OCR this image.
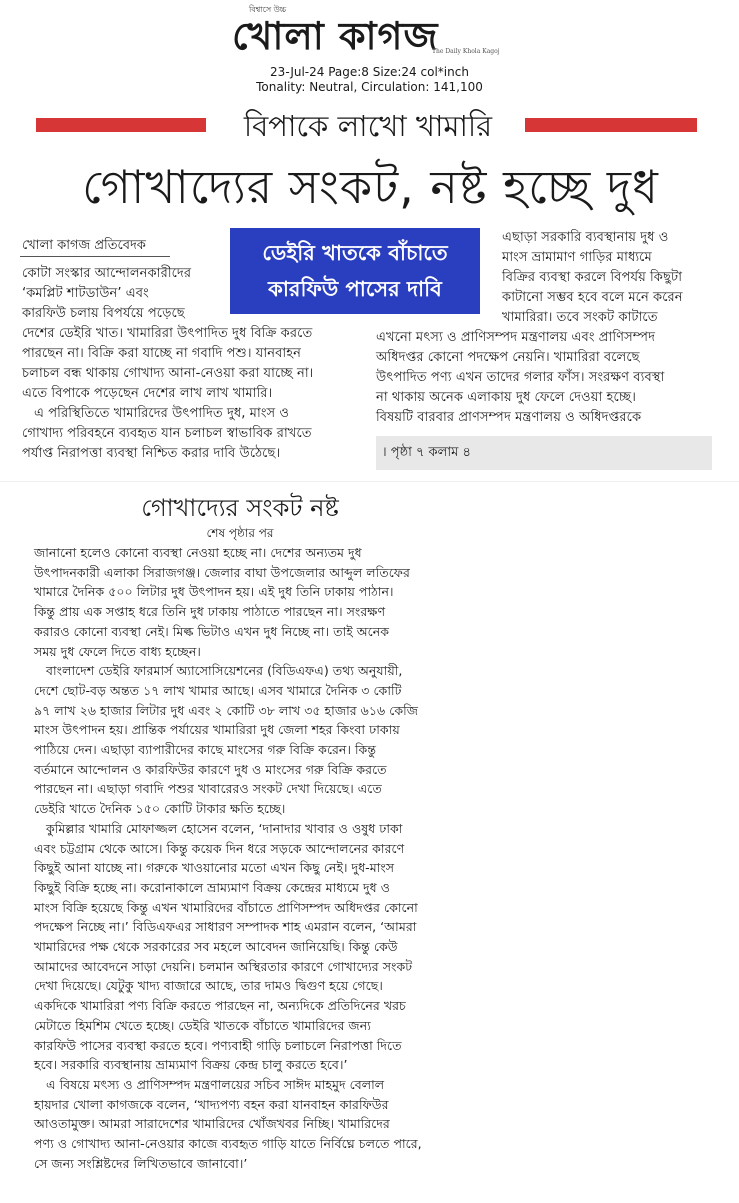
বিশ্বাসে উচ্চ
খোলা কাগজ
The Daily Khola Kagoj
23-Jul-24 Page:8 Size:24 col*inch
Tonality: Neutral, Circulation: 141,100
বিপাকে লাখো খামারি
গোখাদ্যের সংকট, নষ্ট হচ্ছে দুধ
খোলা কাগজ প্রতিবেদক	ডেইরি খাতকে বাঁচাতে
কারফিউ পাসের দাবি
কোটা সংস্কার আন্দোলনকারীদের
‘কমপ্লিট শাটডাউন’ এবং
কারফিউ চলায় বিপর্যয়ে পড়েছে
দেশের ডেইরি খাত। খামারিরা উৎপাদিত দুধ বিক্রি করতে
পারছেন না। বিক্রি করা যাচ্ছে না গবাদি পশু। যানবাহন
চলাচল বন্ধ থাকায় গোখাদ্য আনা-নেওয়া করা যাচ্ছে না।
এতে বিপাকে পড়েছেন দেশের লাখ লাখ খামারি।
এ পরিস্থিতিতে খামারিদের উৎপাদিত দুধ, মাংস ও
গোখাদ্য পরিবহনে ব্যবহৃত যান চলাচল স্বাভাবিক রাখতে
পর্যাপ্ত নিরাপত্তা ব্যবস্থা নিশ্চিত করার দাবি উঠেছে।
এছাড়া সরকারি ব্যবস্থানায় দুধ ও
মাংস ভ্রামামাণ গাড়ির মাধ্যমে
বিক্রির ব্যবস্থা করলে বিপর্যয় কিছুটা
কাটানো সম্ভব হবে বলে মনে করেন
খামারিরা। তবে সংকট কাটাতে
এখনো মৎস্য ও প্রাণিসম্পদ মন্ত্রণালয় এবং প্রাণিসম্পদ
অধিদপ্তর কোনো পদক্ষেপ নেয়নি। খামারিরা বলেছে
উৎপাদিত পণ্য এখন তাদের গলার ফাঁস। সংরক্ষণ ব্যবস্থা
না থাকায় অনেক এলাকায় দুধ ফেলে দেওয়া হচ্ছে।
বিষয়টি বারবার প্রাণসম্পদ মন্ত্রণালয় ও অধিদপ্তরকে
। পৃষ্ঠা ৭ কলাম ৪
গোখাদ্যের সংকট নষ্ট
শেষ পৃষ্ঠার পর
জানানো হলেও কোনো ব্যবস্থা নেওয়া হচ্ছে না। দেশের অন্যতম দুধ
উৎপাদনকারী এলাকা সিরাজগঞ্জ। জেলার বাঘা উপজেলার আব্দুল লতিফের
খামারে দৈনিক ৫০০ লিটার দুধ উৎপাদন হয়। এই দুধ তিনি ঢাকায় পাঠান।
কিন্তু প্রায় এক সপ্তাহ ধরে তিনি দুধ ঢাকায় পাঠাতে পারছেন না। সংরক্ষণ
করারও কোনো ব্যবস্থা নেই। মিল্ক ভিটাও এখন দুধ নিচ্ছে না। তাই অনেক
সময় দুধ ফেলে দিতে বাধ্য হচ্ছেন।
বাংলাদেশ ডেইরি ফারমার্স অ্যাসোসিয়েশনের (বিডিএফএ) তথ্য অনুযায়ী,
দেশে ছোট-বড় অন্তত ১৭ লাখ খামার আছে। এসব খামারে দৈনিক ৩ কোটি
৯৭ লাখ ২৬ হাজার লিটার দুধ এবং ২ কোটি ৩৮ লাখ ৩৫ হাজার ৬১৬ কেজি
মাংস উৎপাদন হয়। প্রান্তিক পর্যায়ের খামারিরা দুধ জেলা শহর কিংবা ঢাকায়
পাঠিয়ে দেন। এছাড়া ব্যাপারীদের কাছে মাংসের গরু বিক্রি করেন। কিন্তু
বর্তমানে আন্দোলন ও কারফিউর কারণে দুধ ও মাংসের গরু বিক্রি করতে
পারছেন না। এছাড়া গবাদি পশুর খাবারেরও সংকট দেখা দিয়েছে। এতে
ডেইরি খাতে দৈনিক ১৫০ কোটি টাকার ক্ষতি হচ্ছে।
কুমিল্লার খামারি মোফাজ্জল হোসেন বলেন, ‘দানাদার খাবার ও ওষুধ ঢাকা
এবং চট্টগ্রাম থেকে আসে। কিন্তু কয়েক দিন ধরে সড়কে আন্দোলনের কারণে
কিছুই আনা যাচ্ছে না। গরুকে খাওয়ানোর মতো এখন কিছু নেই। দুধ-মাংস
কিছুই বিক্রি হচ্ছে না। করোনাকালে ভ্রাম্যমাণ বিক্রয় কেন্দ্রের মাধ্যমে দুধ ও
মাংস বিক্রি হয়েছে কিন্তু এখন খামারিদের বাঁচাতে প্রাণিসম্পদ অধিদপ্তর কোনো
পদক্ষেপ নিচ্ছে না।’ বিডিএফএর সাধারণ সম্পাদক শাহ এমরান বলেন, ‘আমরা
খামারিদের পক্ষ থেকে সরকারের সব মহলে আবেদন জানিয়েছি। কিন্তু কেউ
আমাদের আবেদনে সাড়া দেয়নি। চলমান অস্থিরতার কারণে গোখাদ্যের সংকট
দেখা দিয়েছে। যেটুকু খাদ্য বাজারে আছে, তার দামও দ্বিগুণ হয়ে গেছে।
একদিকে খামারিরা পণ্য বিক্রি করতে পারছেন না, অন্যদিকে প্রতিদিনের খরচ
মেটাতে হিমশিম খেতে হচ্ছে। ডেইরি খাতকে বাঁচাতে খামারিদের জন্য
কারফিউ পাসের ব্যবস্থা করতে হবে। পণ্যবাহী গাড়ি চলাচলে নিরাপত্তা দিতে
হবে। সরকারি ব্যবস্থানায় ভ্রাম্যমাণ বিক্রয় কেন্দ্র চালু করতে হবে।’
এ বিষয়ে মৎস্য ও প্রাণিসম্পদ মন্ত্রণালয়ের সচিব সাঈদ মাহমুদ বেলাল
হায়দার খোলা কাগজকে বলেন, ‘খাদ্যপণ্য বহন করা যানবাহন কারফিউর
আওতামুক্ত। আমরা সারাদেশের খামারিদের খোঁজখবর নিচ্ছি। খামারিদের
পণ্য ও গোখাদ্য আনা-নেওয়ার কাজে ব্যবহৃত গাড়ি যাতে নির্বিঘ্নে চলতে পারে,
সে জন্য সংশ্লিষ্টদের লিখিতভাবে জানাবো।’
